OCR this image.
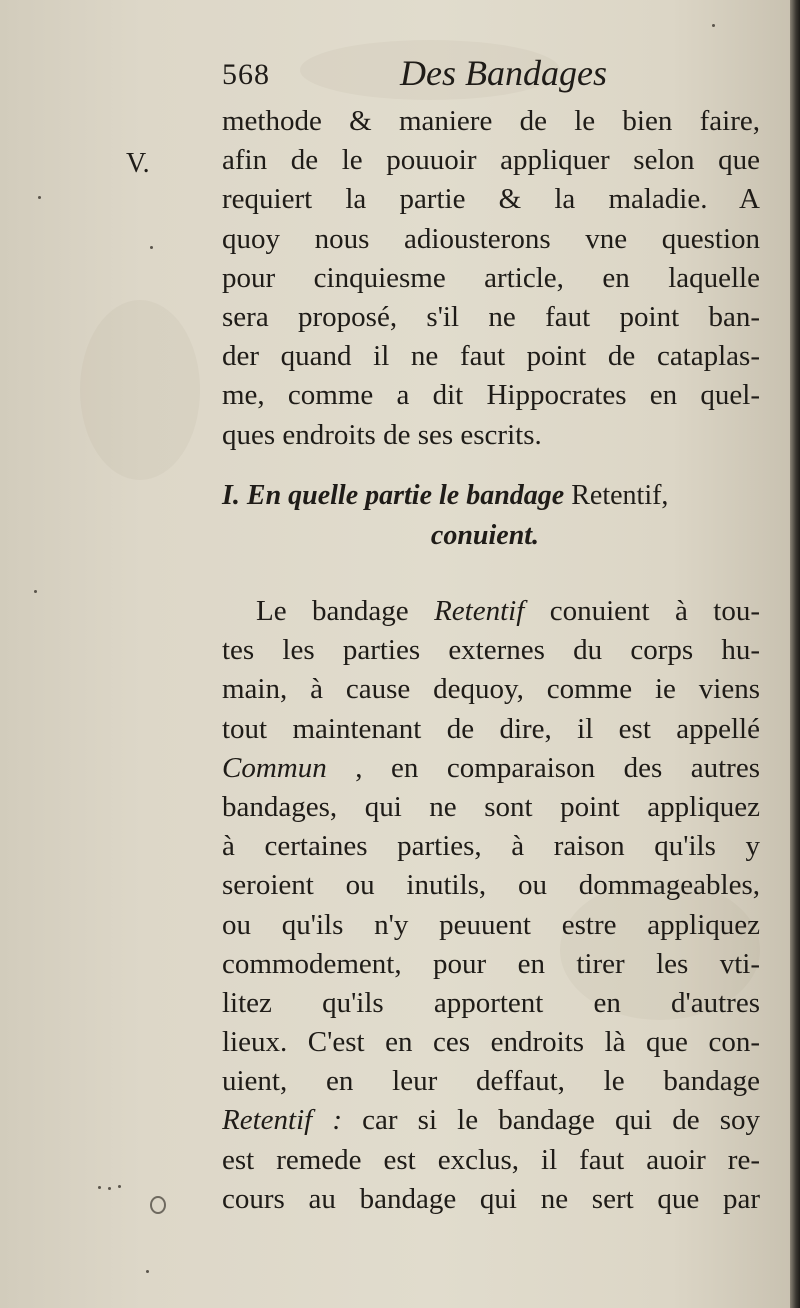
568	Des Bandages
V.
methode & maniere de le bien faire,
afin de le pouuoir appliquer selon que
requiert la partie & la maladie. A
quoy nous adiousterons vne question
pour cinquiesme article, en laquelle
sera proposé, s'il ne faut point ban-
der quand il ne faut point de cataplas-
me, comme a dit Hippocrates en quel-
ques endroits de ses escrits.
I. En quelle partie le bandage Retentif,
conuient.
Le bandage Retentif conuient à tou-
tes les parties externes du corps hu-
main, à cause dequoy, comme ie viens
tout maintenant de dire, il est appellé
Commun , en comparaison des autres
bandages, qui ne sont point appliquez
à certaines parties, à raison qu'ils y
seroient ou inutils, ou dommageables,
ou qu'ils n'y peuuent estre appliquez
commodement, pour en tirer les vti-
litez qu'ils apportent en d'autres
lieux. C'est en ces endroits là que con-
uient, en leur deffaut, le bandage
Retentif : car si le bandage qui de soy
est remede est exclus, il faut auoir re-
cours au bandage qui ne sert que par
